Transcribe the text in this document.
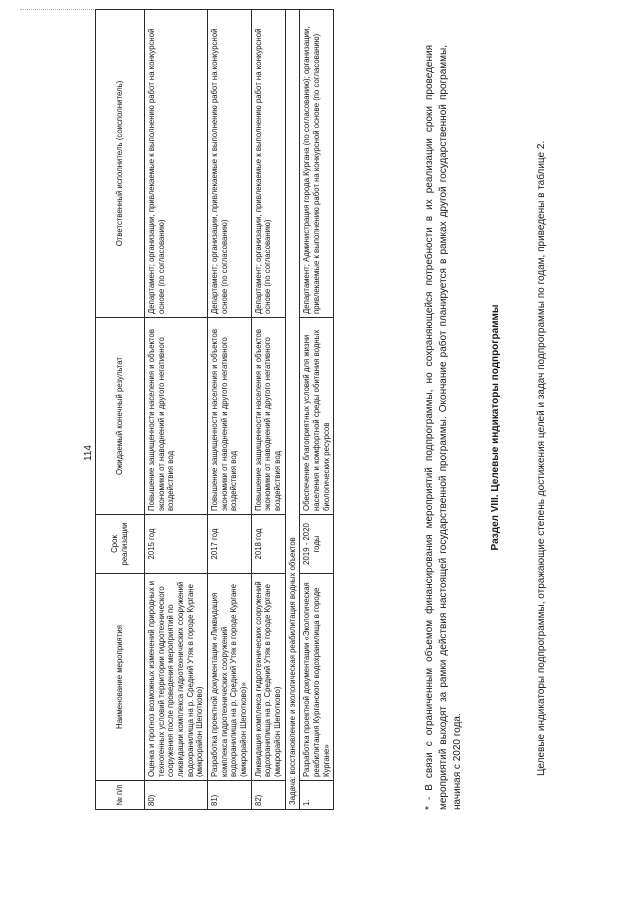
114
№ п/п	Наименование мероприятия	Срок реализации	Ожидаемый конечный результат	Ответственный исполнитель (соисполнитель)
80)	Оценка и прогноз возможных изменений природных и техногенных условий территории гидротехнического сооружения после проведения мероприятий по ликвидации комплекса гидротехнических сооружений водохранилища на р. Средний Утяк в городе Кургане (микрорайон Шепотково)	2015 год	Повышение защищенности населения и объектов экономики от наводнений и другого негативного воздействия вод	Департамент; организации, привлекаемые к выполнению работ на конкурсной основе (по согласованию)
81)	Разработка проектной документации «Ликвидация комплекса гидротехнических сооружений водохранилища на р. Средний Утяк в городе Кургане (микрорайон Шепотково)»	2017 год	Повышение защищенности населения и объектов экономики от наводнений и другого негативного воздействия вод	Департамент; организации, привлекаемые к выполнению работ на конкурсной основе (по согласованию)
82)	Ликвидация комплекса гидротехнических сооружений водохранилища на р. Средний Утяк в городе Кургане (микрорайон Шепотково)	2018 год	Повышение защищенности населения и объектов экономики от наводнений и другого негативного воздействия вод	Департамент; организации, привлекаемые к выполнению работ на конкурсной основе (по согласованию)
Задача: восстановление и экологическая реабилитация водных объектов				
1.	Разработка проектной документации «Экологическая реабилитация Курганского водохранилища в городе Кургане»	2019 - 2020 годы	Обеспечение благоприятных условий для жизни населения и комфортной среды обитания водных биологических ресурсов	Департамент; Администрация города Кургана (по согласованию); организации, привлекаемые к выполнению работ на конкурсной основе (по согласованию)	* - В связи с ограниченным объемом финансирования мероприятий подпрограммы, но сохраняющейся потребности в их реализации сроки проведения мероприятий выходят за рамки действия настоящей государственной программы. Окончание работ планируется в рамках другой государственной программы, начиная с 2020 года.

Раздел VIII. Целевые индикаторы подпрограммы	Целевые индикаторы подпрограммы, отражающие степень достижения целей и задач подпрограммы по годам, приведены в таблице 2.
